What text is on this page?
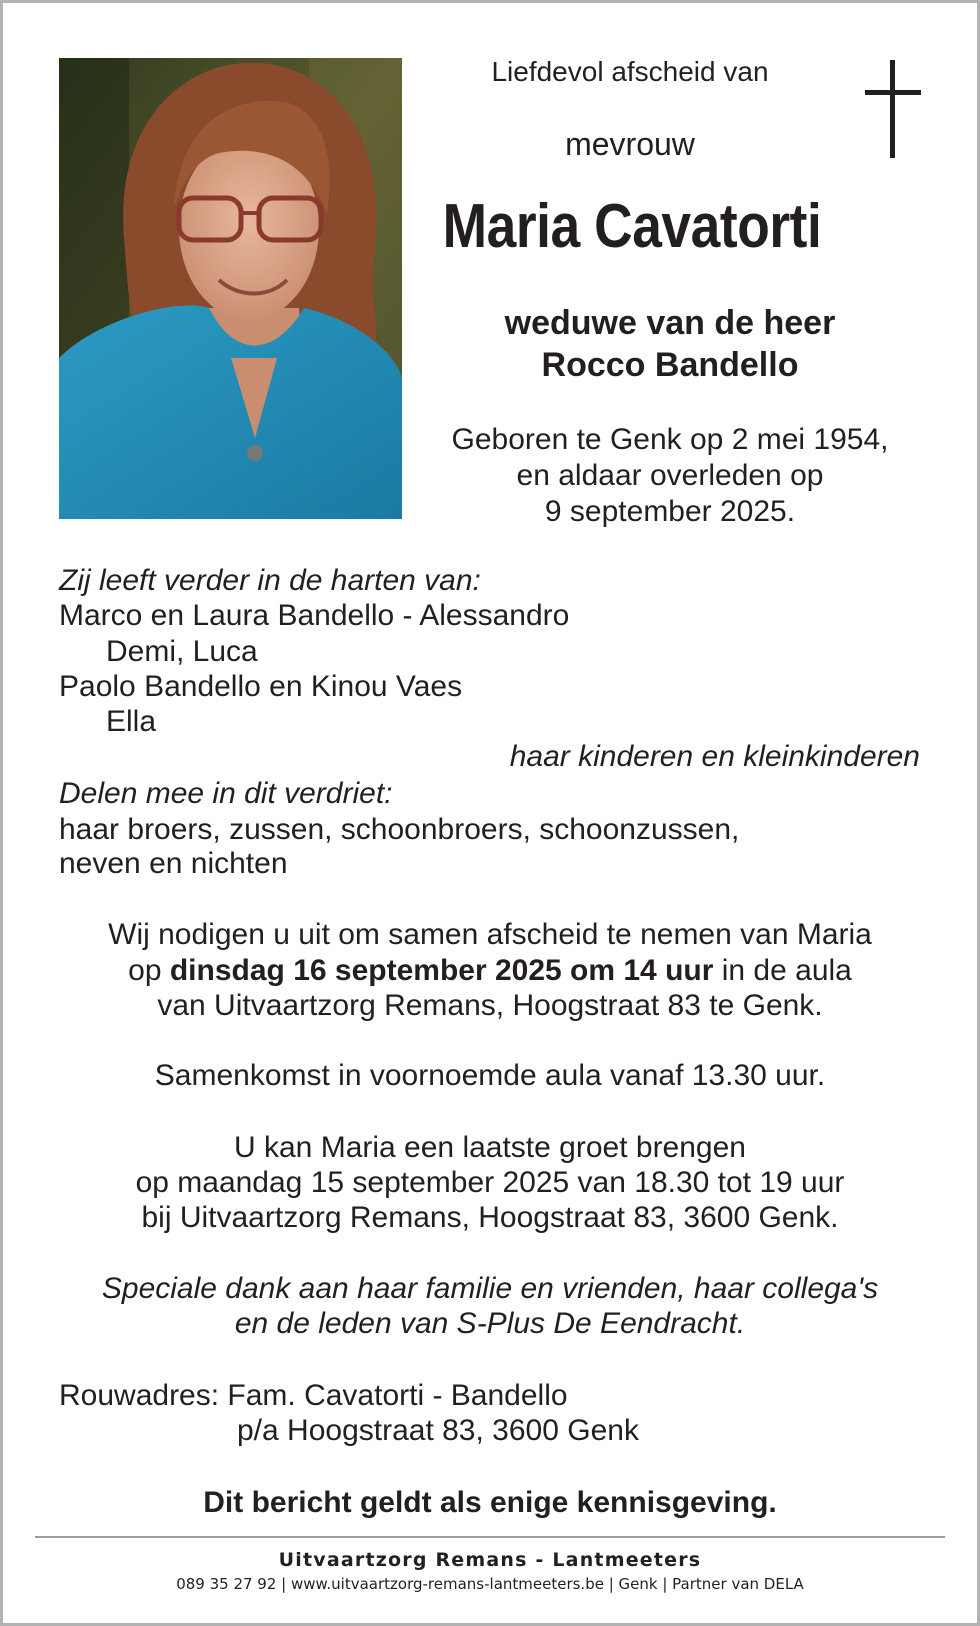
Liefdevol afscheid van
mevrouw
Maria Cavatorti
weduwe van de heer
Rocco Bandello
Geboren te Genk op 2 mei 1954,
en aldaar overleden op
9 september 2025.
Zij leeft verder in de harten van:
Marco en Laura Bandello - Alessandro
Demi, Luca
Paolo Bandello en Kinou Vaes
Ella
haar kinderen en kleinkinderen
Delen mee in dit verdriet:
haar broers, zussen, schoonbroers, schoonzussen,
neven en nichten
Wij nodigen u uit om samen afscheid te nemen van Maria
op dinsdag 16 september 2025 om 14 uur in de aula
van Uitvaartzorg Remans, Hoogstraat 83 te Genk.
Samenkomst in voornoemde aula vanaf 13.30 uur.
U kan Maria een laatste groet brengen
op maandag 15 september 2025 van 18.30 tot 19 uur
bij Uitvaartzorg Remans, Hoogstraat 83, 3600 Genk.
Speciale dank aan haar familie en vrienden, haar collega's
en de leden van S-Plus De Eendracht.
Rouwadres: Fam. Cavatorti - Bandello
p/a Hoogstraat 83, 3600 Genk
Dit bericht geldt als enige kennisgeving.
Uitvaartzorg Remans - Lantmeeters
089 35 27 92 | www.uitvaartzorg-remans-lantmeeters.be | Genk | Partner van DELA
